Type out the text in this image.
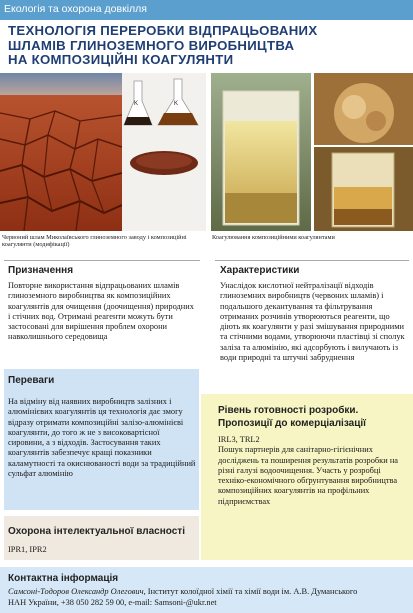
Екологія та охорона довкілля
ТЕХНОЛОГІЯ ПЕРЕРОБКИ ВІДПРАЦЬОВАНИХ
ШЛАМІВ ГЛИНОЗЕМНОГО ВИРОБНИЦТВА
НА КОМПОЗИЦІЙНІ КОАГУЛЯНТИ
K	K
Червоний шлам Миколаївського глиноземного заводу і композиційні коагулянти (модифікації)
Коагулювання композиційними коагулянтами
Призначення

Повторне використання відпрацьованих шламів глиноземного виробництва як композиційних коагулянтів для очищення (доочищення) природних і стічних вод. Отримані реагенти можуть бути застосовані для вирішення проблем охорони навколишнього середовища

Характеристики

Унаслідок кислотної нейтралізації відходів глиноземних виробництв (червоних шламів) і подальшого декантування та фільтрування отриманих розчинів утворюються реагенти, що діють як коагулянти у разі змішування природними та стічними водами, утворюючи пластівці зі сполук заліза та алюмінію, які адсорбують і вилучають із води природні та штучні забруднення

Переваги

На відміну від наявних виробництв залізних і алюмінієвих коагулянтів ця технологія дає змогу відразу отримати композиційні залізо-алюмінієві коагулянти, до того ж не з високовартісної сировини, а з відходів. Застосування таких коагулянтів забезпечує кращі показники каламутності та окиснюваності води за традиційний сульфат алюмінію

Рівень готовності розробки.
Пропозиції до комерціалізації

IRL3, TRL2
Пошук партнерів для санітарно-гігієнічних досліджень та поширення результатів розробки на різні галузі водоочищення. Участь у розробці техніко-економічного обґрунтування виробництва композиційних коагулянтів на профільних підприємствах

Охорона інтелектуальної власності

IPR1, IPR2

Контактна інформація
Самсоні-Тодоров Олександр Олегович, Інститут колоїдної хімії та хімії води ім. А.В. Думанського
НАН України, +38 050 282 59 00, e-mail: Samsoni-@ukr.net
